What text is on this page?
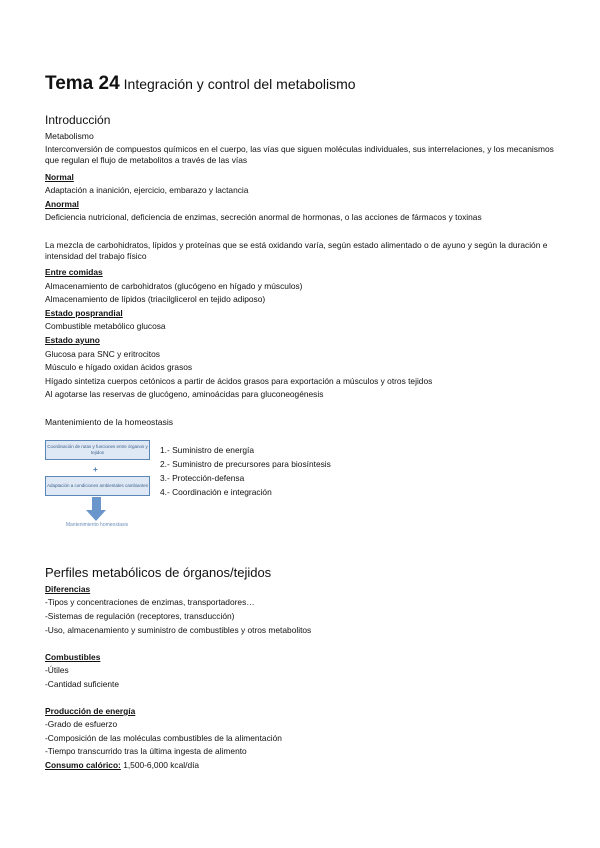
Tema 24 Integración y control del metabolismo
Introducción
Metabolismo
Interconversión de compuestos químicos en el cuerpo, las vías que siguen moléculas individuales, sus interrelaciones, y los mecanismos que regulan el flujo de metabolitos a través de las vías
Normal
Adaptación a inanición, ejercicio, embarazo y lactancia
Anormal
Deficiencia nutricional, deficiencia de enzimas, secreción anormal de hormonas, o las acciones de fármacos y toxinas
La mezcla de carbohidratos, lípidos y proteínas que se está oxidando varía, según estado alimentado o de ayuno y según la duración e intensidad del trabajo físico
Entre comidas
Almacenamiento de carbohidratos (glucógeno en hígado y músculos)
Almacenamiento de lípidos (triacilglicerol en tejido adiposo)
Estado posprandial
Combustible metabólico glucosa
Estado ayuno
Glucosa para SNC y eritrocitos
Músculo e hígado oxidan ácidos grasos
Hígado sintetiza cuerpos cetónicos a partir de ácidos grasos para exportación a músculos y otros tejidos
Al agotarse las reservas de glucógeno, aminoácidas para gluconeogénesis
Mantenimiento de la homeostasis
Coordinación de rutas y funciones entre órganos y tejidos
+
Adaptación a condiciones ambientales cambiantes
Mantenimiento homeostasis
1.- Suministro de energía
2.- Suministro de precursores para biosíntesis
3.- Protección-defensa
4.- Coordinación e integración
Perfiles metabólicos de órganos/tejidos
Diferencias
-Tipos y concentraciones de enzimas, transportadores…
-Sistemas de regulación (receptores, transducción)
-Uso, almacenamiento y suministro de combustibles y otros metabolitos
Combustibles
-Útiles
-Cantidad suficiente
Producción de energía
-Grado de esfuerzo
-Composición de las moléculas combustibles de la alimentación
-Tiempo transcurrido tras la última ingesta de alimento
Consumo calórico: 1,500-6,000 kcal/día
